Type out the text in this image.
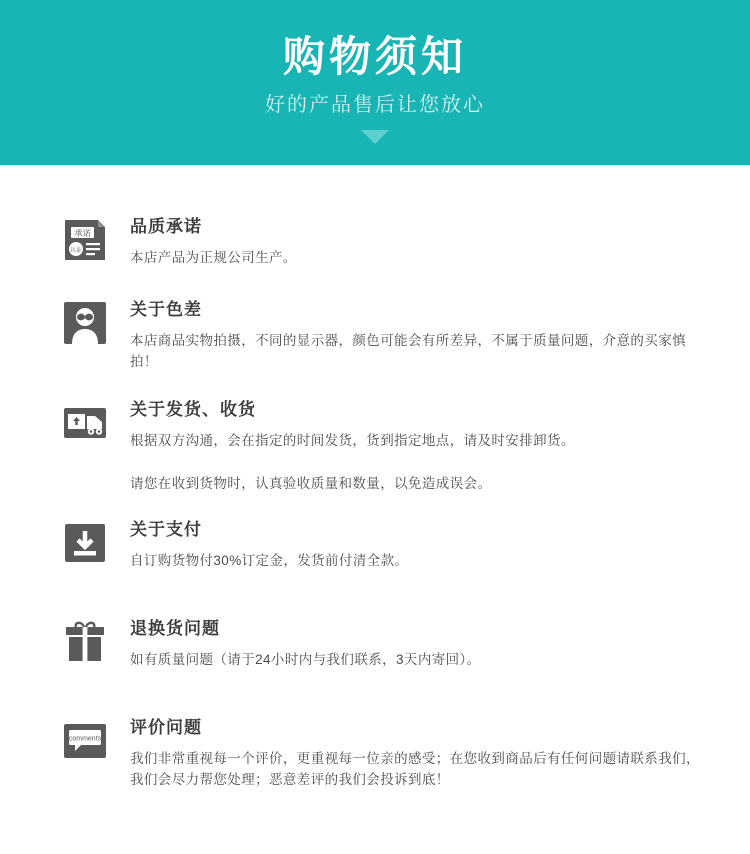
购物须知
好的产品售后让您放心
承诺
认证
品质承诺
本店产品为正规公司生产。
关于色差
本店商品实物拍摄，不同的显示器，颜色可能会有所差异，不属于质量问题，介意的买家慎拍！
关于发货、收货
根据双方沟通，会在指定的时间发货，货到指定地点，请及时安排卸货。
请您在收到货物时，认真验收质量和数量，以免造成误会。
关于支付
自订购货物付30%订定金，发货前付清全款。
退换货问题
如有质量问题（请于24小时内与我们联系，3天内寄回）。
comments
评价问题
我们非常重视每一个评价，更重视每一位亲的感受；在您收到商品后有任何问题请联系我们，我们会尽力帮您处理；恶意差评的我们会投诉到底！
